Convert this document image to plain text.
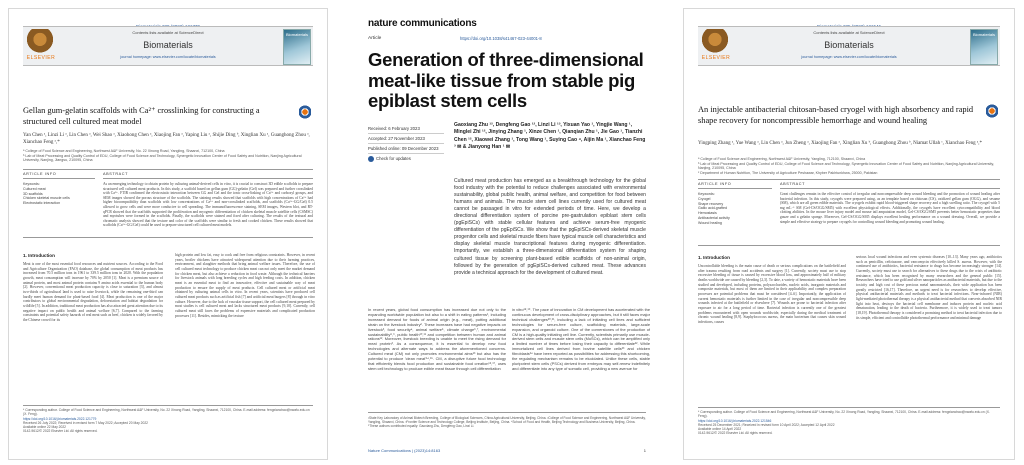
ELSEVIER
Contents lists available at ScienceDirect
Biomaterials
journal homepage: www.elsevier.com/locate/biomaterials
Biomaterials
Gellan gum-gelatin scaffolds with Ca²⁺ crosslinking for constructing a structured cell cultured meat model
Yan Chen ᵃ, Linzi Li ᵃ, Lin Chen ᵃ, Wei Shao ᵃ, Xiaohong Chen ᵃ, Xiaojing Fan ᵃ, Yaping Liu ᵃ, Shijie Ding ᵇ, Xinglian Xu ᵃ, Guanghong Zhou ᵃ, Xianchao Feng ᵃ,*
ᵃ College of Food Science and Engineering, Northwest A&F University, No. 22 Xinong Road, Yangling, Shaanxi, 712100, China
ᵇ Lab of Meat Processing and Quality Control of EDU, College of Food Science and Technology, Synergetic Innovation Center of Food Safety and Nutrition, Nanjing Agricultural University, Nanjing, Jiangsu, 210095, China
ARTICLE INFO	ABSTRACT
Keywords:
Cultured meat
3D scaffolds
Chicken skeletal muscle cells
Electrostatic interaction
As an emerging technology to obtain protein by culturing animal-derived cells in vitro, it is crucial to construct 3D edible scaffolds to prepare structured cell cultured meat products. In this study, a scaffold based on gellan gum (GG)-gelatin (Gel) was prepared and further crosslinked with Ca²⁺. FTIR confirmed the electrostatic interaction between GG and Gel and the ionic cross-linking of Ca²⁺ and carboxyl groups, and SEM images showed the porous structure of the scaffolds. The staining results showed that scaffolds with high concentrations of Ca²⁺ had higher biocompatibility than scaffolds with low concentrations of Ca²⁺ and non-crosslinked scaffolds, and scaffolds (Ca²⁺-GG/Gel) 0.5 allowed to grow cells and were more conducive to cell spreading. The immunofluorescence staining, SEM images, Western blot, and RT-qPCR showed that the scaffolds supported the proliferation and myogenic differentiation of chicken skeletal muscle satellite cells (CSMSC) and myotubes were formed in the scaffolds. Finally, the scaffolds were stained and fixed after culturing. The results of the textural and chromatic analysis showed that the texture and color of the scaffolds were similar to fresh and cooked chicken. These results showed that scaffolds (Ca²⁺-GG/Gel) could be used to prepare structured cell cultured meat models.
1. Introduction
Meat is one of the most essential food resources and nutrient sources. According to the Food and Agriculture Organization (FAO) database, the global consumption of meat products has increased from 70.5 million tons in 1961 to 339.5 million tons in 2020. With the population growth, meat consumption will increase by 70% by 2050 [1]. Meat is a premium source of animal protein, and most animal protein contains 9 amino acids essential to the human body [2]. However, conventional meat production capacity is close to saturation [3], and almost two-thirds of agricultural land is used to raise livestock, while the remaining one-third can hardly meet human demand for plant-based food [4]. Meat production is one of the major contributors to global environmental degradation, deforestation and habitat degradation for wildlife [5]. In addition, traditional meat production has also attracted great attention due to its negative impact on public health and animal welfare [6,7]. Compared to the farming constraints and potential safety hazards of real meat such as beef, chicken is widely favored by the Chinese crowd for its
high protein and low fat, easy to cook and free from religious constraints. However, in recent years, broiler chickens have attracted widespread attention due to their farming practices, environment, and slaughter methods that bring animal welfare issues. Therefore, the use of cell cultured meat technology to produce chicken meat can not only meet the market demand for chicken meat, but also achieve a reduction in food waste. Although the technical barriers for livestock animals with long breeding cycles and high feeding costs. In addition, chicken meat is an essential meat to find an innovative, effective and sustainable way of meat production to ensure the supply of meat products. Cell cultured meat or artificial meat obtained by culturing animal cells in vitro. In recent years, scientists have produced cell cultured meat products such as artificial fish [7] and artificial meat burgers [8] through in vitro culture. However, due to the lack of vascular tissue support, the cell cultured meat prepared by most studies is cell cultured meat and lacks structured meat products [9,10]. Currently, cell cultured meat still faces the problems of expensive materials and complicated production processes [11]. Besides, mimicking the texture
* Corresponding author. College of Food Science and Engineering, Northwest A&F University, No. 22 Xinong Road, Yangling, Shaanxi, 712100, China. E-mail address: fengxianchao@nwafu.edu.cn (X. Feng).
https://doi.org/10.1016/j.biomaterials.2022.121779
Received 26 July 2022; Received in revised form 7 May 2022; Accepted 20 May 2022
Available online 22 May 2022
0142-9612/© 2022 Elsevier Ltd. All rights reserved.
nature communications
Article	https://doi.org/10.1038/s41467-023-44001-8
Generation of three-dimensional meat-like tissue from stable pig epiblast stem cells
Received: 6 February 2023
Accepted: 27 November 2023
Published online: 09 December 2023
Check for updates
Gaoxiang Zhu ¹², Dengfeng Gao ¹², Linzi Li ¹³, Yixuan Yao ¹, Yingjie Wang ¹, Minglei Zhi ¹², Jinying Zhang ¹, Xinze Chen ¹, Qianqian Zhu ¹, Jie Gao ¹, Tianzhi Chen ¹², Xiaowei Zhang ¹, Tong Wang ¹, Suying Cao ⁴, Aijin Ma ¹, Xianchao Feng ³ ✉ & Jianyong Han ¹ ✉
Cultured meat production has emerged as a breakthrough technology for the global food industry with the potential to reduce challenges associated with environmental sustainability, global public health, animal welfare, and competition for food between humans and animals. The muscle stem cell lines currently used for cultured meat cannot be passaged in vitro for extended periods of time. Here, we develop a directional differentiation system of porcine pre-gastrulation epiblast stem cells (pgEpiSCs) with stable cellular features and achieve serum-free myogenic differentiation of the pgEpiSCs. We show that the pgEpiSCs-derived skeletal muscle progenitor cells and skeletal muscle fibers have typical muscle cell characteristics and display skeletal muscle transcriptional features during myogenic differentiation. Importantly, we establish a three-dimensional differentiation system for shaping cultured tissue by screening plant-based edible scaffolds of non-animal origin, followed by the generation of pgEpiSCs-derived cultured meat. These advances provide a technical approach for the development of cultured meat.
In recent years, global food consumption has increased due not only to the expanding worldwide population but also to a shift in eating patterns¹, including increased demand for foods of animal origin (e.g., meat), putting additional strain on the livestock industry². These increases have had negative impacts on livestock³, food security⁴, animal welfare⁵, climate change⁶,⁷, environmental sustainability⁸,⁹, public health¹⁰,¹¹ and competition between human and animal rations¹². Moreover, livestock breeding is unable to meet the rising demand for meat protein³. As a consequence, it is essential to develop new food technologies and alternate ways to address the aforementioned concerns. Cultured meat (CM) not only promotes environmental aims¹³ but also has the potential to produce 'clean meat'¹⁴,¹⁵. CM, a disruptive future food technology that efficiently blends food production and sustainable food creation¹⁶,¹⁷, uses stem cell technology to produce edible meat tissue through cell differentiation
in vitro¹⁸,¹⁹. The pace of innovation in CM development has accelerated with the continuous development of cross-disciplinary approaches, but it still faces major technical challenges²⁰,²¹, including a lack of initiating cell lines and sufficient technologies for serum-free culture, scaffolding materials, large-scale expansion, and organoid culture. One of the cornerstones of the production of CM is a high-quality initiating cell line. Currently, scientists primarily use muscle-derived stem cells and muscle stem cells (MuSCs), which can be amplified only a limited number of times before losing their capacity to differentiate²². While immortalized cell lines derived from bovine satellite cells²³ and chicken fibroblasts²⁴ have been reported as possibilities for addressing this shortcoming, the regulating mechanism remains to be elucidated. Unlike these cells, stable pluripotent stem cells (PSCs) derived from embryos may self-renew indefinitely and differentiate into any type of somatic cell, providing a new avenue for
¹State Key Laboratory of Animal Biotech Breeding, College of Biological Sciences, China Agricultural University, Beijing, China. ²College of Food Science and Engineering, Northwest A&F University, Yangling, Shaanxi, China. ³Frontier Science and Technology College, Beijing Institute, Beijing, China. ⁴School of Food and Health, Beijing Technology and Business University, Beijing, China. ⁵These authors contributed equally: Gaoxiang Zhu, Dengfeng Gao, Linzi Li.
Nature Communications | (2023)14:8163	1
ELSEVIER
Contents lists available at ScienceDirect
Biomaterials
journal homepage: www.elsevier.com/locate/biomaterials
Biomaterials
An injectable antibacterial chitosan-based cryogel with high absorbency and rapid shape recovery for noncompressible hemorrhage and wound healing
Yingping Zhang ᵃ, Yue Wang ᵃ, Lin Chen ᵃ, Jun Zheng ᵃ, Xiaojing Fan ᵃ, Xinglian Xu ᵇ, Guanghong Zhou ᵇ, Niamat Ullah ᶜ, Xianchao Feng ᵃ,*
ᵃ College of Food Science and Engineering, Northwest A&F University, Yangling, 712100, Shaanxi, China
ᵇ Lab of Meat Processing and Quality Control of EDU, College of Food Science and Technology, Synergetic Innovation Center of Food Safety and Nutrition, Nanjing Agricultural University, Nanjing, 210095, China
ᶜ Department of Human Nutrition, The University of Agriculture Peshawar, Khyber Pakhtunkhwa, 25000, Pakistan
ARTICLE INFO	ABSTRACT
Keywords:
Cryogel
Shape recovery
Gallic acid-grafted
Hemostasis
Antibacterial activity
Wound healing
Great challenges remain in the effective control of irregular and noncompressible deep wound bleeding and the promotion of wound healing after bacterial infection. In this study, cryogels were prepared using, as an template based on chitosan (CS), oxidized gellan gum (OGG), and sesame (SM), which are all green edible materials. The cryogels exhibit rapid blood-triggered shape recovery and a high swelling ratio. The cryogel with 5 mg mL⁻¹ SM (Gel-CS/OGG/SM5) with excellent physiological effects. Additionally, the cryogels have excellent cytocompatibility and blood clotting abilities. In the mouse liver injury model and mouse tail amputation model, Gel-CS/OGG/SM5 prevents better hemostatic properties than gauze and a gelatin sponge. Moreover, Gel-CS/OGG/SM5 displays excellent healing performance on a wound dressing. Overall, we provide a simple and effective strategy to prepare cryogels for controlling wound bleeding and promoting wound healing.
1. Introduction
Uncontrollable bleeding is the main cause of death or serious complications on the battlefield and after trauma resulting from road accidents and surgery [1]. Currently, society must use to stop excessive bleeding of tissue is caused by excessive blood loss, and approximately half of military deaths worldwide are caused by bleeding [2,3]. To date, a variety of hemostatic materials have been studied and developed, including proteins, polysaccharides, nucleic acids, inorganic materials and composite materials, but most of them are limited in their applicability and complex preparation processes are potential problems that must be considered [4–6]. Importantly, the application of current hemostatic materials is further limited in the case of irregular and noncompressible deep wounds infected at the battlefield or elsewhere [7]. Wounds are prone to bacterial infection after exposure to air for a long period of time. Bacterial infection is currently one of the greatest problems encountered with open wounds worldwide, especially during the medical treatment of chronic wound healing [8,9]. Staphylococcus aureus, the main bacterium that causes skin wound infections, causes
serious local wound infections and even systemic diseases [10–13]. Many years ago, antibiotics such as penicillin, ceftriaxone, and vancomycin effectively killed S. aureus. However, with the continued use of antibiotics, bacterial resistance to drugs has become increasingly stronger [14]. Currently, society must use to search for alternatives to these drugs due to the crisis of antibiotic resistance, which has been recognized by many researchers and the general public [15]. Researchers have tried to use gold and silver nanoparticles as antibacterial materials, but due to the toxicity and high cost of these precious metal nanomaterials, their wide application has been greatly restricted [16,17]. Therefore, an urgent need is for researchers to develop effective, physical antibacterial materials and methods to treat bacterial infections. Near-infrared (NIR) light-mediated photothermal therapy is a physical antibacterial method that converts absorbed NIR light into heat, destroys the bacterial cell membrane and induces protein and nucleic acid denaturation, leading to the death of bacteria. Furthermore, it is widely used to treat tumors [18,19]. Photothermal therapy is considered a promising method to treat bacterial infection due to its simple, efficient and controllable photothermal performance and minimal damage
* Corresponding author. College of Food Science and Engineering, Northwest A&F University, No. 22 Xinong Road, Yangling, Shaanxi, 712100, China. E-mail address: fengxianchao@nwafu.edu.cn (X. Feng).
https://doi.org/10.1016/j.biomaterials.2022.121546
Received 25 December 2021; Received in revised form 10 April 2022; Accepted 12 April 2022
Available online 14 April 2022
0142-9612/© 2022 Elsevier Ltd. All rights reserved.
